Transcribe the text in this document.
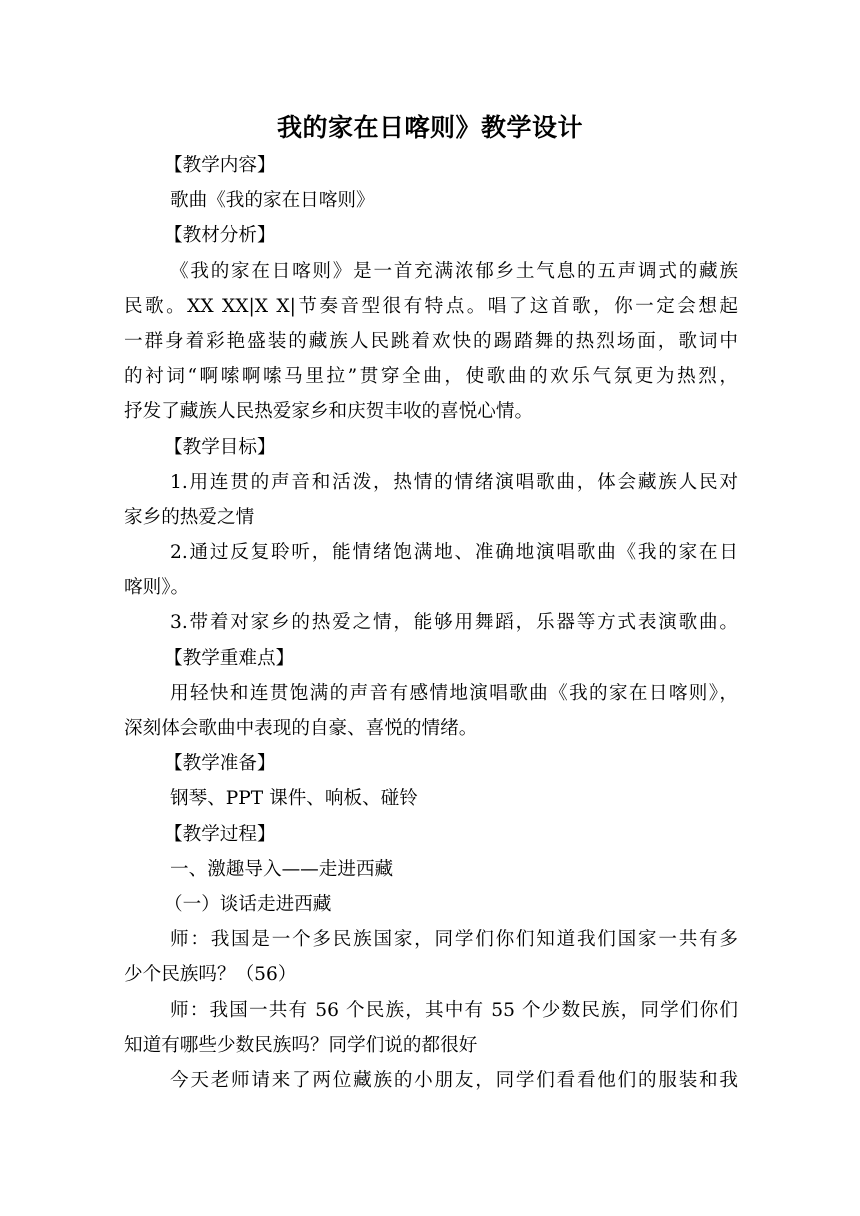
我的家在日喀则》教学设计
【教学内容】
歌曲《我的家在日喀则》
【教材分析】
《我的家在日喀则》是一首充满浓郁乡土气息的五声调式的藏族
民歌。XX XX|X X|节奏音型很有特点。唱了这首歌，你一定会想起
一群身着彩艳盛装的藏族人民跳着欢快的踢踏舞的热烈场面，歌词中
的衬词“啊嗦啊嗦马里拉”贯穿全曲，使歌曲的欢乐气氛更为热烈，
抒发了藏族人民热爱家乡和庆贺丰收的喜悦心情。
【教学目标】
1.用连贯的声音和活泼，热情的情绪演唱歌曲，体会藏族人民对
家乡的热爱之情
2.通过反复聆听，能情绪饱满地、准确地演唱歌曲《我的家在日
喀则》。
3.带着对家乡的热爱之情，能够用舞蹈，乐器等方式表演歌曲。
【教学重难点】
用轻快和连贯饱满的声音有感情地演唱歌曲《我的家在日喀则》，
深刻体会歌曲中表现的自豪、喜悦的情绪。
【教学准备】
钢琴、PPT 课件、响板、碰铃
【教学过程】
一、激趣导入——走进西藏
（一）谈话走进西藏
师：我国是一个多民族国家，同学们你们知道我们国家一共有多
少个民族吗？（56）
师：我国一共有 56 个民族，其中有 55 个少数民族，同学们你们
知道有哪些少数民族吗？同学们说的都很好
今天老师请来了两位藏族的小朋友，同学们看看他们的服装和我
